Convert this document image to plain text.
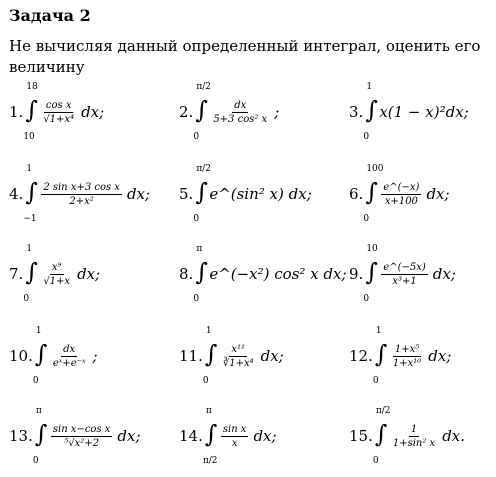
Задача 2
Не вычисляя данный определенный интеграл, оценить его величину
1.
18
∫
10
$\frac{\text{cos x}}{\text{√1+x⁴}}$ dx;	2.
π/2
∫
0
$\frac{dx}{\text{5+3 cos² x}}$ ;	3.
1
∫
0
x(1 − x)²dx;
4.
1
∫
−1
$\frac{\text{2 sin x+3 cos x}}{\text{2+x²}}$ dx; 5.
π/2
∫
0
e^(sin² x) dx; 6.
100
∫
0
$\frac{e\^{}(-x)}{x+100}$ dx;
7.
1
∫
0
$\frac{\text{x⁹}}{√1+x}$ dx;	8.
π
∫
0
e^(−x²) cos² x dx; 9.
10
∫
0
$\frac{e\^{}(-5x)}{\text{x³+1}}$ dx;
10.
1
∫
0
$\frac{dx}{\text{eˣ+e⁻ˣ}}$ ;	11.
1
∫
0
$\frac{\text{x¹¹}}{\text{∛1+x⁴}}$ dx;	12.
1
∫
0
$\frac{\text{1+x⁵}}{\text{1+x¹⁰}}$ dx;
13.
π
∫
0
$\frac{\text{sin x−cos x}}{\text{⁵√x²+2}}$ dx;	14.
π
∫
π/2
$\frac{\text{sin x}}{x}$ dx;	15.
π/2
∫
0
$\frac{1}{\text{1+sin² x}}$ dx.
